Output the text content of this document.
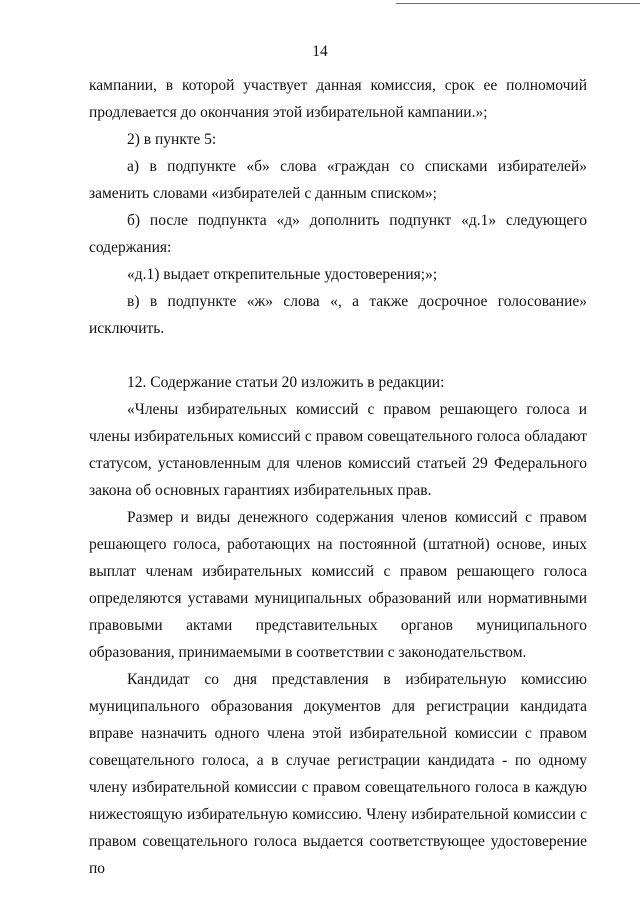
14

кампании, в которой участвует данная комиссия, срок ее полномочий продлевается до окончания этой избирательной кампании.»;

2) в пункте 5:

а) в подпункте «б» слова «граждан со списками избирателей» заменить словами «избирателей с данным списком»;

б) после подпункта «д» дополнить подпункт «д.1» следующего содержания:

«д.1) выдает открепительные удостоверения;»;

в) в подпункте «ж» слова «, а также досрочное голосование» исключить.

12. Содержание статьи 20 изложить в редакции:

«Члены избирательных комиссий с правом решающего голоса и члены избирательных комиссий с правом совещательного голоса обладают статусом, установленным для членов комиссий статьей 29 Федерального закона об основных гарантиях избирательных прав.

Размер и виды денежного содержания членов комиссий с правом решающего голоса, работающих на постоянной (штатной) основе, иных выплат членам избирательных комиссий с правом решающего голоса определяются уставами муниципальных образований или нормативными правовыми актами представительных органов муниципального образования, принимаемыми в соответствии с законодательством.

Кандидат со дня представления в избирательную комиссию муниципального образования документов для регистрации кандидата вправе назначить одного члена этой избирательной комиссии с правом совещательного голоса, а в случае регистрации кандидата - по одному члену избирательной комиссии с правом совещательного голоса в каждую нижестоящую избирательную комиссию. Члену избирательной комиссии с правом совещательного голоса выдается соответствующее удостоверение по
